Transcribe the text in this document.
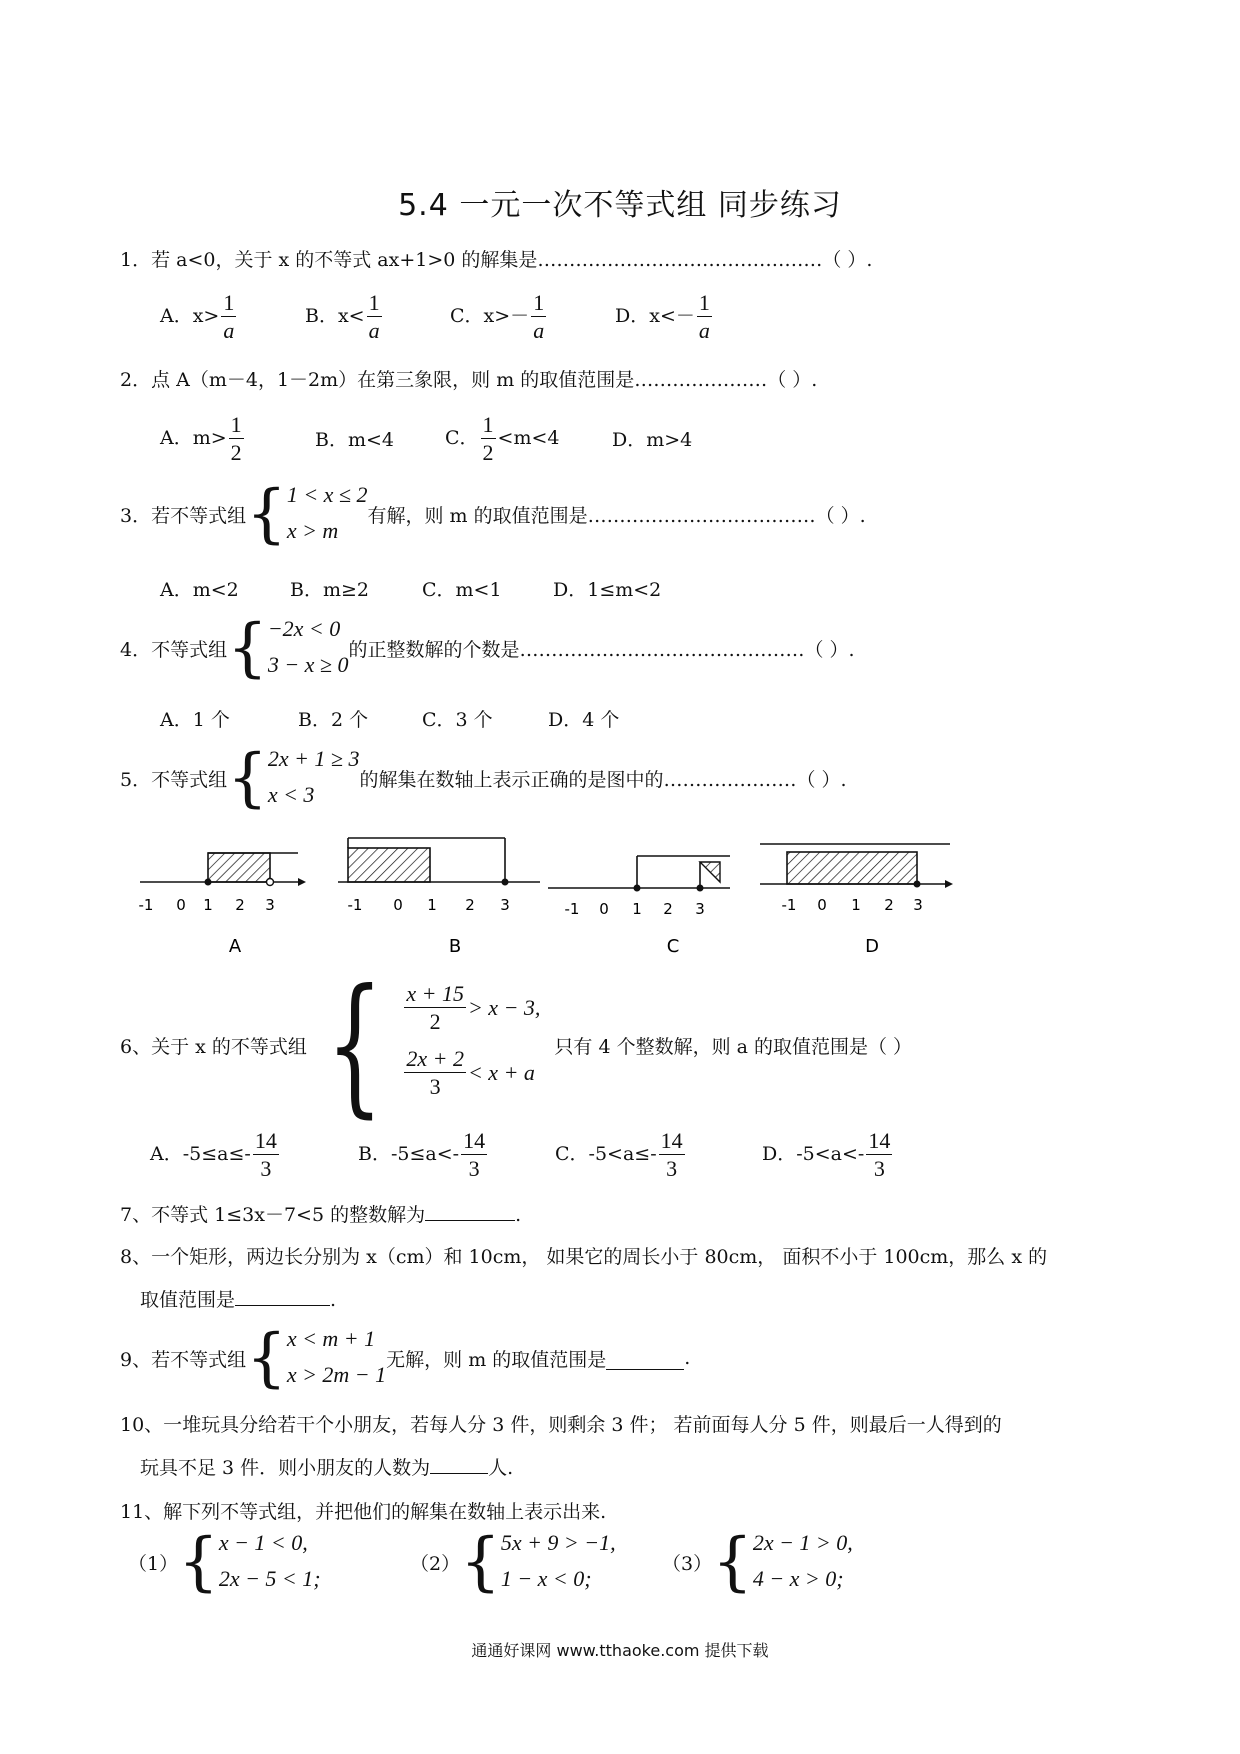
5.4 一元一次不等式组 同步练习
1．若 a<0，关于 x 的不等式 ax+1>0 的解集是………………………………………（ ）.
A．$x> \frac{1}{a}$	B．$x< \frac{1}{a}$	C．$x>- \frac{1}{a}$	D．$x<- \frac{1}{a}$
2．点 A（m－4，1－2m）在第三象限，则 m 的取值范围是…………………（ ）.
A．$m> \frac{1}{2}$	B．m<4	C． $\frac{1}{2} <m<4$	D．m>4
3．若不等式组 { 1 < x ≤ 2
x > m
有解，则 m 的取值范围是………………………………（ ）.
A．m<2	B．m≥2	C．m<1	D．1≤m<2
4．不等式组 { −2x < 0
3 − x ≥ 0
的正整数解的个数是………………………………………（ ）.
A．1 个	B．2 个	C．3 个	D．4 个
5．不等式组 { 2x + 1 ≥ 3
x < 3
的解集在数轴上表示正确的是图中的…………………（ ）.
-1 0 1 2 3	-1 0 1 2 3	-1 0 1 2 3	-1 0 1 2 3
A	B	C	D
6、关于 x 的不等式组 { x + 15
2
> x − 3,
2x + 2
3
< x + a
只有 4 个整数解，则 a 的取值范围是（ ）
A．$-5\le a\le- \frac{14}{3}$	B．$-5\le a<- \frac{14}{3}$	C．$-5<a\le- \frac{14}{3}$	D．$-5<a<- \frac{14}{3}$
7、不等式 1≤3x－7<5 的整数解为	.
8、一个矩形，两边长分别为 x（cm）和 10cm， 如果它的周长小于 80cm， 面积不小于 100cm，那么 x 的
取值范围是	.
9、若不等式组 { x < m + 1
x > 2m − 1
无解，则 m 的取值范围是	.
10、一堆玩具分给若干个小朋友，若每人分 3 件，则剩余 3 件； 若前面每人分 5 件，则最后一人得到的
玩具不足 3 件．则小朋友的人数为	人.
11、解下列不等式组，并把他们的解集在数轴上表示出来.
（1） { x − 1 < 0,
2x − 5 < 1;
（2） { 5x + 9 > −1,
1 − x < 0;
（3） { 2x − 1 > 0,
4 − x > 0;
通通好课网 www.tthaoke.com 提供下载
